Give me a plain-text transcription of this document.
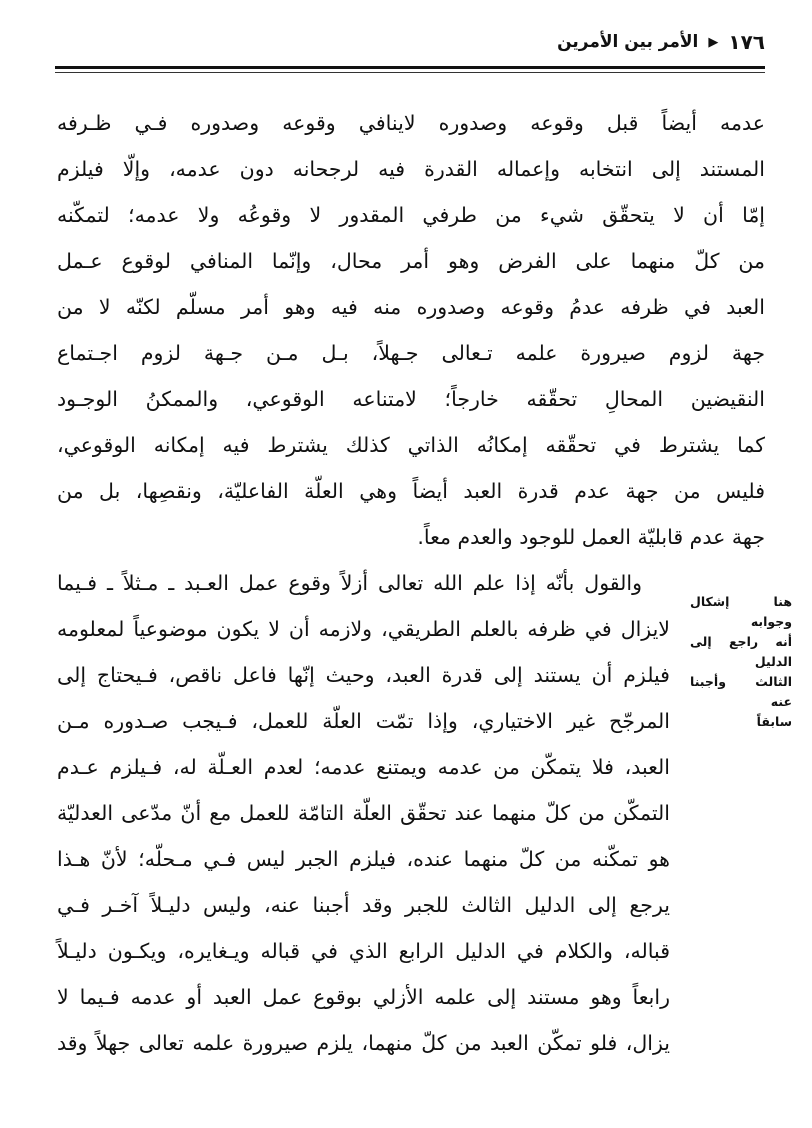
١٧٦
▶
الأمر بين الأمرين
عدمه أيضاً قبل وقوعه وصدوره لاينافي وقوعه وصدوره فـي ظـرفه
المستند إلى انتخابه وإعماله القدرة فيه لرجحانه دون عدمه، وإلّا فيلزم
إمّا أن لا يتحقّق شيء من طرفي المقدور لا وقوعُه ولا عدمه؛ لتمكّنه
من كلّ منهما على الفرض وهو أمر محال، وإنّما المنافي لوقوع عـمل
العبد في ظرفه عدمُ وقوعه وصدوره منه فيه وهو أمر مسلّم لكنّه لا من
جهة لزوم صيرورة علمه تـعالى جـهلاً، بـل مـن جـهة لزوم اجـتماع
النقيضين المحالِ تحقّقه خارجاً؛ لامتناعه الوقوعي، والممكنُ الوجـود
كما يشترط في تحقّقه إمكانُه الذاتي كذلك يشترط فيه إمكانه الوقوعي،
فليس من جهة عدم قدرة العبد أيضاً وهي العلّة الفاعليّة، ونقصِها، بل من
جهة عدم قابليّة العمل للوجود والعدم معاً.
والقول بأنّه إذا علم الله تعالى أزلاً وقوع عمل العـبد ـ مـثلاً ـ فـيما
لايزال في ظرفه بالعلم الطريقي، ولازمه أن لا يكون موضوعياً لمعلومه
فيلزم أن يستند إلى قدرة العبد، وحيث إنّها فاعل ناقص، فـيحتاج إلى
المرجّح غير الاختياري، وإذا تمّت العلّة للعمل، فـيجب صـدوره مـن
العبد، فلا يتمكّن من عدمه ويمتنع عدمه؛ لعدم العـلّة له، فـيلزم عـدم
التمكّن من كلّ منهما عند تحقّق العلّة التامّة للعمل مع أنّ مدّعى العدليّة
هو تمكّنه من كلّ منهما عنده، فيلزم الجبر ليس فـي مـحلّه؛ لأنّ هـذا
يرجع إلى الدليل الثالث للجبر وقد أجبنا عنه، وليس دليـلاً آخـر فـي
قباله، والكلام في الدليل الرابع الذي في قباله ويـغايره، ويكـون دليـلاً
رابعاً وهو مستند إلى علمه الأزلي بوقوع عمل العبد أو عدمه فـيما لا
يزال، فلو تمكّن العبد من كلّ منهما، يلزم صيرورة علمه تعالى جهلاً وقد
هنا إشكال وجوابه
أنه راجع إلى الدليل
الثالث وأجبنا عنه
سابقاً
